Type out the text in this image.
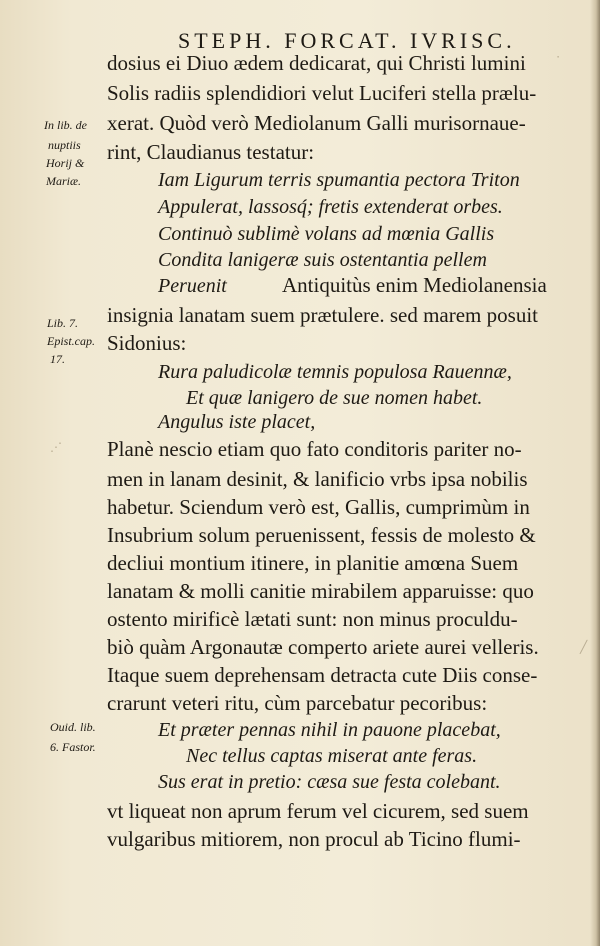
STEPH. FORCAT. IVRISC.
In lib. de
nuptiis
Horij &
Mariæ.
Lib. 7.
Epist.cap.
17.
Ouid. lib.
6. Fastor.
dosius ei Diuo ædem dedicarat, qui Christi lumini
Solis radiis splendidiori velut Luciferi stella prælu-
xerat. Quòd verò Mediolanum Galli murisornaue-
rint, Claudianus testatur:
Iam Ligurum terris spumantia pectora Triton
Appulerat, lassosq́; fretis extenderat orbes.
Continuò sublimè volans ad mœnia Gallis
Condita lanigeræ suis ostentantia pellem
Peruenit	Antiquitùs enim Mediolanensia
insignia lanatam suem prætulere. sed marem posuit
Sidonius:
Rura paludicolæ temnis populosa Rauennæ,
Et quæ lanigero de sue nomen habet.
Angulus iste placet,
Planè nescio etiam quo fato conditoris pariter no-
men in lanam desinit, & lanificio vrbs ipsa nobilis
habetur. Sciendum verò est, Gallis, cumprimùm in
Insubrium solum peruenissent, fessis de molesto &
decliui montium itinere, in planitie amœna Suem
lanatam & molli canitie mirabilem apparuisse: quo
ostento mirificè lætati sunt: non minus proculdu-
biò quàm Argonautæ comperto ariete aurei velleris.
Itaque suem deprehensam detracta cute Diis conse-
crarunt veteri ritu, cùm parcebatur pecoribus:
Et præter pennas nihil in pauone placebat,
Nec tellus captas miserat ante feras.
Sus erat in pretio: cæsa sue festa colebant.
vt liqueat non aprum ferum vel cicurem, sed suem
vulgaribus mitiorem, non procul ab Ticino flumi-
⋰
⋅
╱
